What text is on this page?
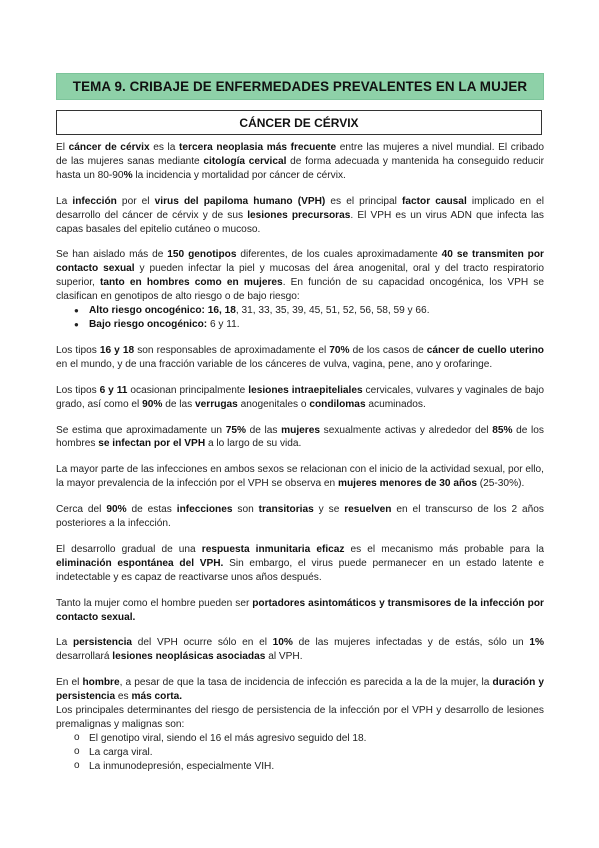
TEMA 9. CRIBAJE DE ENFERMEDADES PREVALENTES EN LA MUJER
CÁNCER DE CÉRVIX

El cáncer de cérvix es la tercera neoplasia más frecuente entre las mujeres a nivel mundial. El cribado de las mujeres sanas mediante citología cervical de forma adecuada y mantenida ha conseguido reducir hasta un 80-90% la incidencia y mortalidad por cáncer de cérvix.

La infección por el virus del papiloma humano (VPH) es el principal factor causal implicado en el desarrollo del cáncer de cérvix y de sus lesiones precursoras. El VPH es un virus ADN que infecta las capas basales del epitelio cutáneo o mucoso.

Se han aislado más de 150 genotipos diferentes, de los cuales aproximadamente 40 se transmiten por contacto sexual y pueden infectar la piel y mucosas del área anogenital, oral y del tracto respiratorio superior, tanto en hombres como en mujeres. En función de su capacidad oncogénica, los VPH se clasifican en genotipos de alto riesgo o de bajo riesgo:

● Alto riesgo oncogénico: 16, 18, 31, 33, 35, 39, 45, 51, 52, 56, 58, 59 y 66.
● Bajo riesgo oncogénico: 6 y 11.

Los tipos 16 y 18 son responsables de aproximadamente el 70% de los casos de cáncer de cuello uterino en el mundo, y de una fracción variable de los cánceres de vulva, vagina, pene, ano y orofaringe.

Los tipos 6 y 11 ocasionan principalmente lesiones intraepiteliales cervicales, vulvares y vaginales de bajo grado, así como el 90% de las verrugas anogenitales o condilomas acuminados.

Se estima que aproximadamente un 75% de las mujeres sexualmente activas y alrededor del 85% de los hombres se infectan por el VPH a lo largo de su vida.

La mayor parte de las infecciones en ambos sexos se relacionan con el inicio de la actividad sexual, por ello, la mayor prevalencia de la infección por el VPH se observa en mujeres menores de 30 años (25-30%).

Cerca del 90% de estas infecciones son transitorias y se resuelven en el transcurso de los 2 años posteriores a la infección.

El desarrollo gradual de una respuesta inmunitaria eficaz es el mecanismo más probable para la eliminación espontánea del VPH. Sin embargo, el virus puede permanecer en un estado latente e indetectable y es capaz de reactivarse unos años después.

Tanto la mujer como el hombre pueden ser portadores asintomáticos y transmisores de la infección por contacto sexual.

La persistencia del VPH ocurre sólo en el 10% de las mujeres infectadas y de estás, sólo un 1% desarrollará lesiones neoplásicas asociadas al VPH.

En el hombre, a pesar de que la tasa de incidencia de infección es parecida a la de la mujer, la duración y persistencia es más corta.

Los principales determinantes del riesgo de persistencia de la infección por el VPH y desarrollo de lesiones premalignas y malignas son:

o El genotipo viral, siendo el 16 el más agresivo seguido del 18.
o La carga viral.
o La inmunodepresión, especialmente VIH.
